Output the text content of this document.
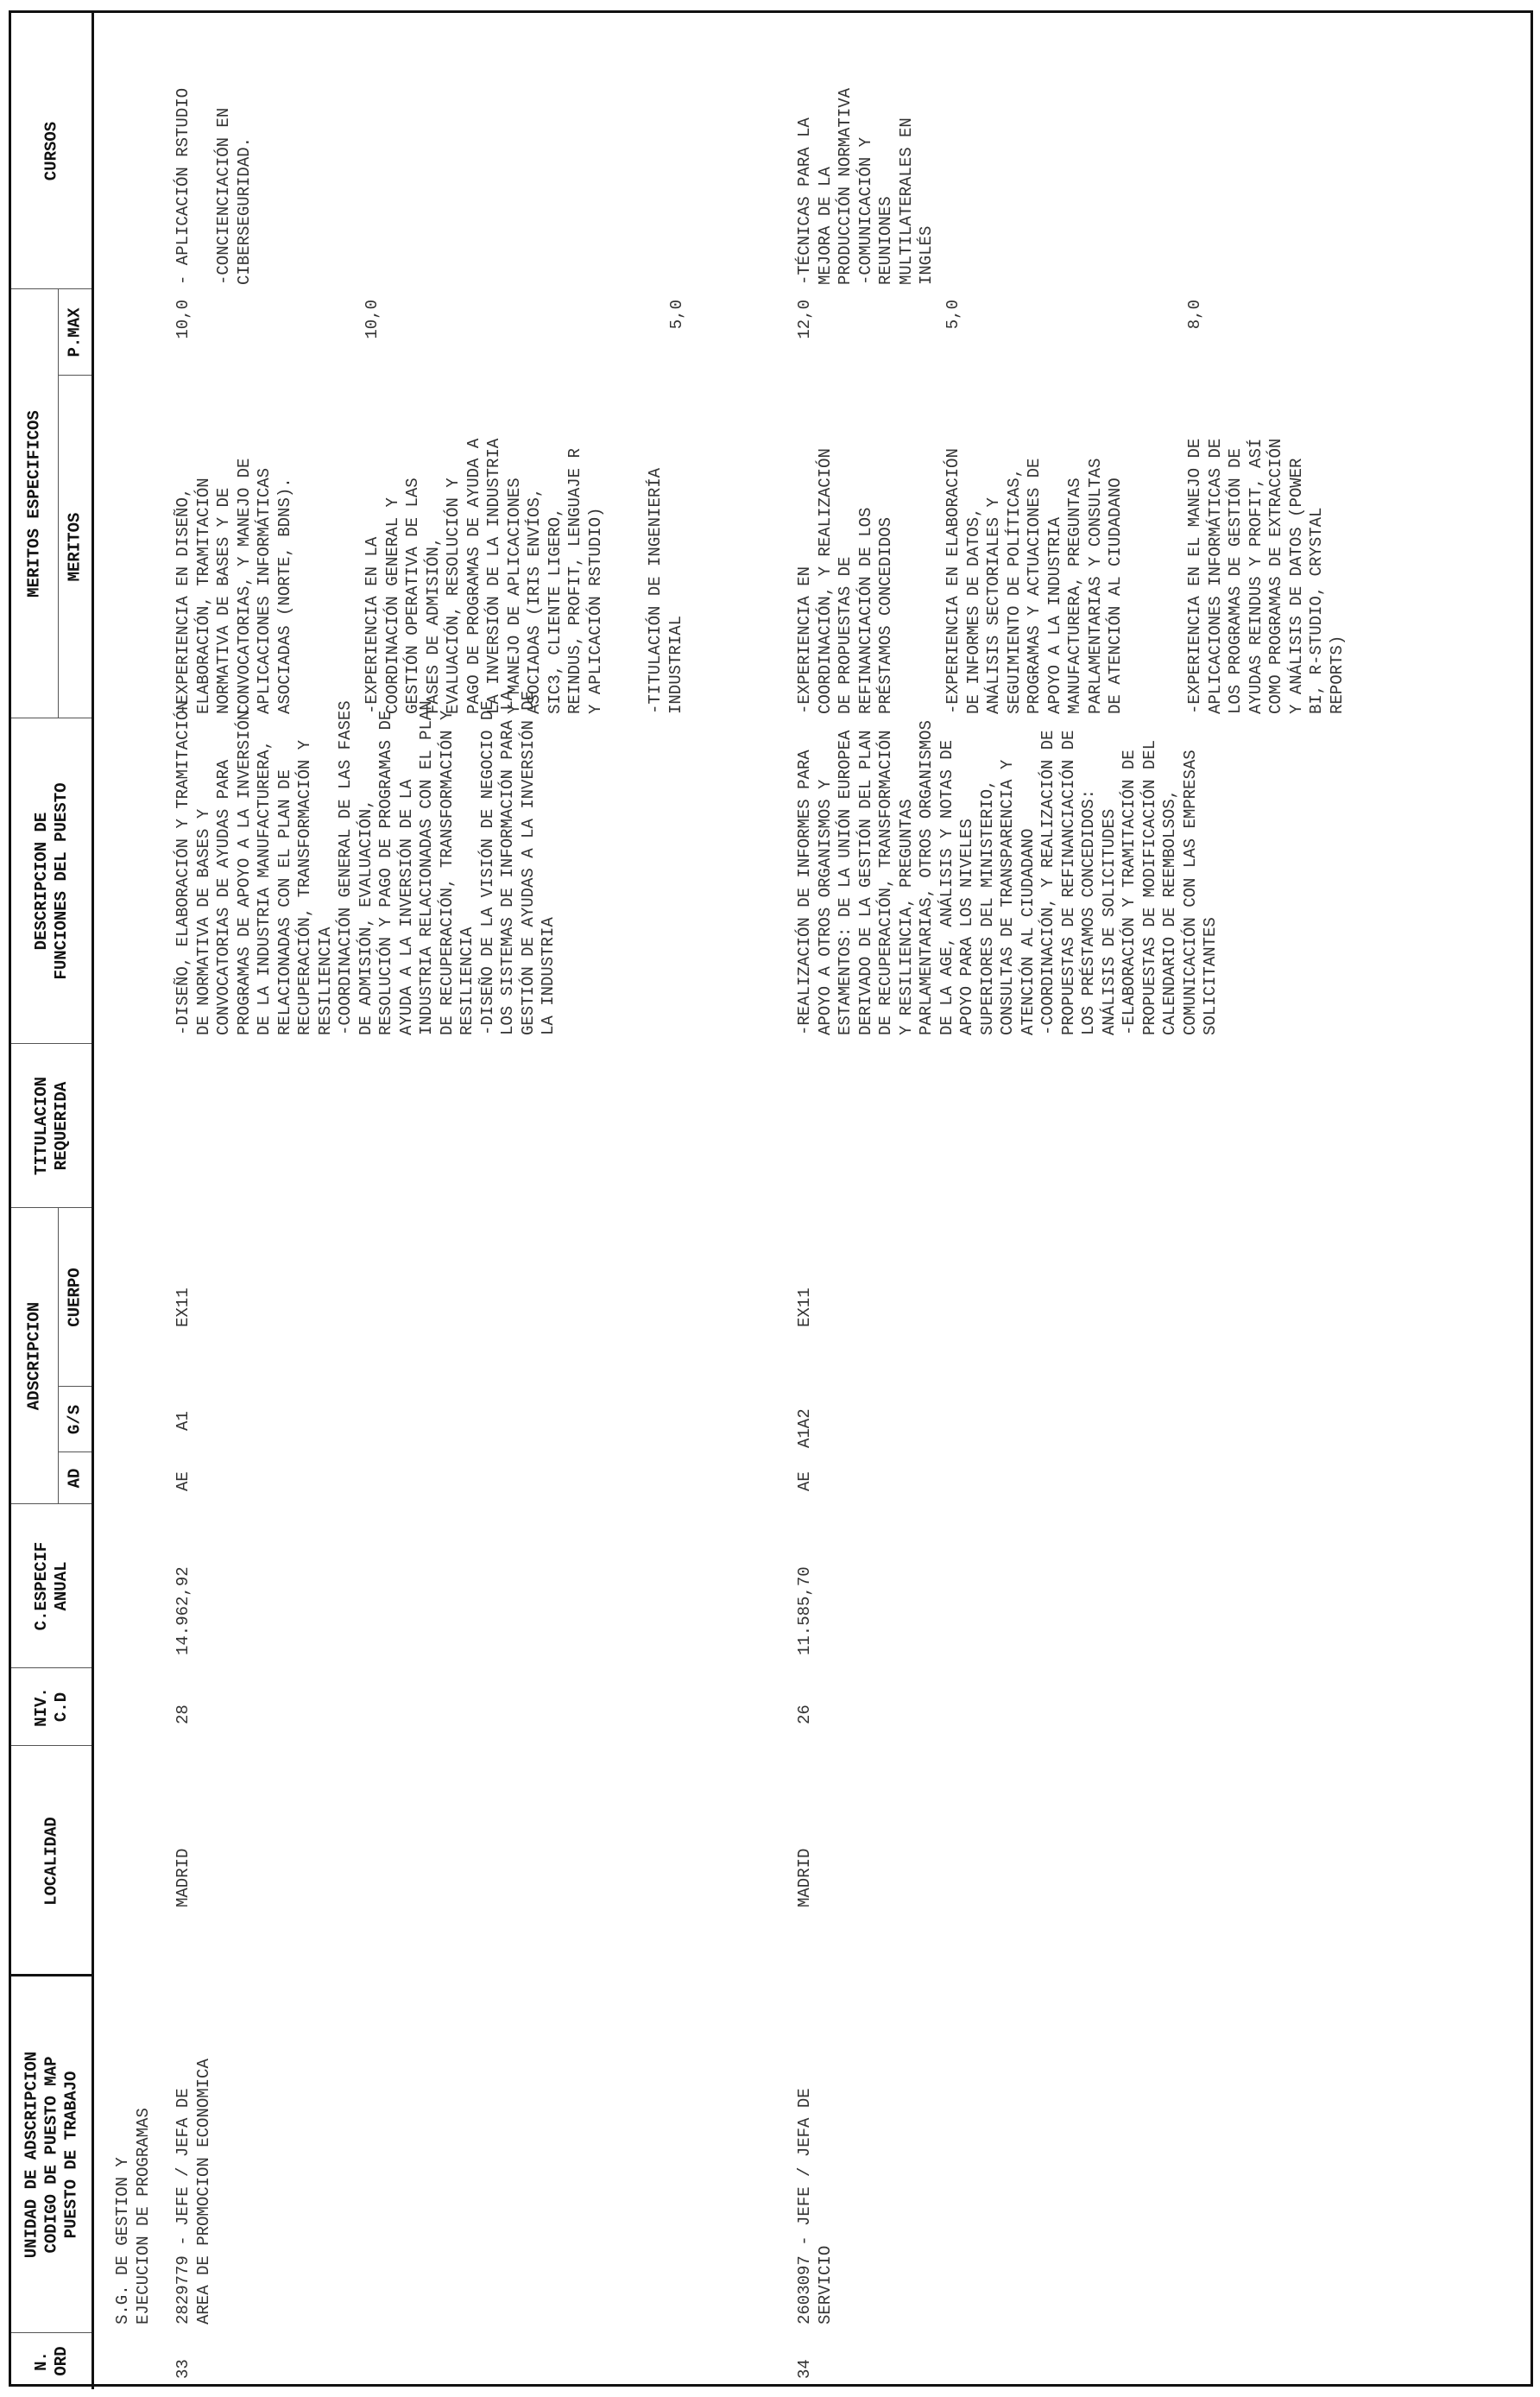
N.
ORD
UNIDAD DE ADSCRIPCION
CODIGO DE PUESTO MAP
PUESTO DE TRABAJO
LOCALIDAD
NIV.
C.D
C.ESPECIF
ANUAL
ADSCRIPCION
AD
G/S
CUERPO
TITULACION
REQUERIDA
DESCRIPCION DE
FUNCIONES DEL PUESTO
MERITOS ESPECIFICOS MERITOS
P.MAX
CURSOS
S.G. DE GESTION Y
EJECUCION DE PROGRAMAS
33
2829779 - JEFE / JEFA DE
AREA DE PROMOCION ECONOMICA
MADRID
28
14.962,92
AE
A1
EX11
-DISEÑO, ELABORACIÓN Y TRAMITACIÓN
DE NORMATIVA DE BASES Y
CONVOCATORIAS DE AYUDAS PARA
PROGRAMAS DE APOYO A LA INVERSIÓN
DE LA INDUSTRIA MANUFACTURERA,
RELACIONADAS CON EL PLAN DE
RECUPERACIÓN, TRANSFORMACIÓN Y
RESILIENCIA
-COORDINACIÓN GENERAL DE LAS FASES
DE ADMISIÓN, EVALUACIÓN,
RESOLUCIÓN Y PAGO DE PROGRAMAS DE
AYUDA A LA INVERSIÓN DE LA
INDUSTRIA RELACIONADAS CON EL PLAN
DE RECUPERACIÓN, TRANSFORMACIÓN Y
RESILIENCIA
-DISEÑO DE LA VISIÓN DE NEGOCIO DE
LOS SISTEMAS DE INFORMACIÓN PARA LA
GESTIÓN DE AYUDAS A LA INVERSIÓN DE
LA INDUSTRIA
-EXPERIENCIA EN DISEÑO,
ELABORACIÓN, TRAMITACIÓN
NORMATIVA DE BASES Y DE
CONVOCATORIAS, Y MANEJO DE
APLICACIONES INFORMÁTICAS
ASOCIADAS (NORTE, BDNS).
10,0
-EXPERIENCIA EN LA
COORDINACIÓN GENERAL Y
GESTIÓN OPERATIVA DE LAS
FASES DE ADMISIÓN,
EVALUACIÓN, RESOLUCIÓN Y
PAGO DE PROGRAMAS DE AYUDA A
LA INVERSIÓN DE LA INDUSTRIA
Y MANEJO DE APLICACIONES
ASOCIADAS (IRIS ENVÍOS,
SIC3, CLIENTE LIGERO,
REINDUS, PROFIT, LENGUAJE R
Y APLICACIÓN RSTUDIO)
10,0
-TITULACIÓN DE INGENIERÍA
INDUSTRIAL
5,0
- APLICACIÓN RSTUDIO

-CONCIENCIACIÓN EN
CIBERSEGURIDAD.
34
2603097 - JEFE / JEFA DE
SERVICIO
MADRID
26
11.585,70
AE
A1A2
EX11
-REALIZACIÓN DE INFORMES PARA
APOYO A OTROS ORGANISMOS Y
ESTAMENTOS: DE LA UNIÓN EUROPEA
DERIVADO DE LA GESTIÓN DEL PLAN
DE RECUPERACIÓN, TRANSFORMACIÓN
Y RESILIENCIA, PREGUNTAS
PARLAMENTARIAS, OTROS ORGANISMOS
DE LA AGE, ANÁLISIS Y NOTAS DE
APOYO PARA LOS NIVELES
SUPERIORES DEL MINISTERIO,
CONSULTAS DE TRANSPARENCIA Y
ATENCIÓN AL CIUDADANO
-COORDINACIÓN, Y REALIZACIÓN DE
PROPUESTAS DE REFINANCIACIÓN DE
LOS PRÉSTAMOS CONCEDIDOS:
ANÁLISIS DE SOLICITUDES
-ELABORACIÓN Y TRAMITACIÓN DE
PROPUESTAS DE MODIFICACIÓN DEL
CALENDARIO DE REEMBOLSOS,
COMUNICACIÓN CON LAS EMPRESAS
SOLICITANTES
-EXPERIENCIA EN
COORDINACIÓN, Y REALIZACIÓN
DE PROPUESTAS DE
REFINANCIACIÓN DE LOS
PRÉSTAMOS CONCEDIDOS
12,0
-EXPERIENCIA EN ELABORACIÓN
DE INFORMES DE DATOS,
ANÁLISIS SECTORIALES Y
SEGUIMIENTO DE POLÍTICAS,
PROGRAMAS Y ACTUACIONES DE
APOYO A LA INDUSTRIA
MANUFACTURERA, PREGUNTAS
PARLAMENTARIAS Y CONSULTAS
DE ATENCIÓN AL CIUDADANO
5,0
-EXPERIENCIA EN EL MANEJO DE
APLICACIONES INFORMÁTICAS DE
LOS PROGRAMAS DE GESTIÓN DE
AYUDAS REINDUS Y PROFIT, ASÍ
COMO PROGRAMAS DE EXTRACCIÓN
Y ANÁLISIS DE DATOS (POWER
BI, R-STUDIO, CRYSTAL
REPORTS)
8,0
-TÉCNICAS PARA LA
MEJORA DE LA
PRODUCCIÓN NORMATIVA
-COMUNICACIÓN Y
REUNIONES
MULTILATERALES EN
INGLÉS
